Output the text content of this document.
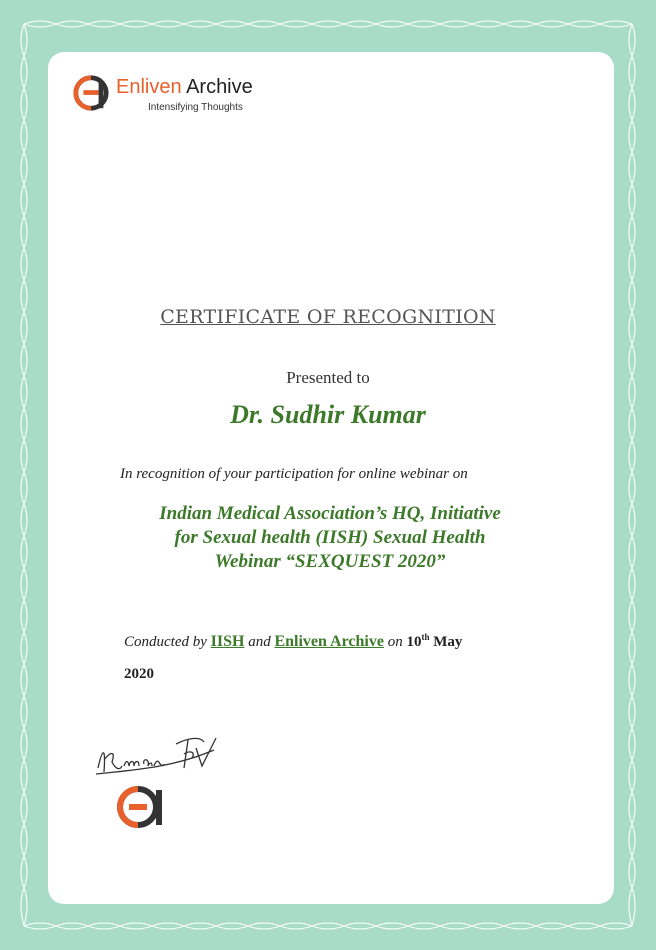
Enliven Archive
Intensifying Thoughts
CERTIFICATE OF RECOGNITION
Presented to
Dr. Sudhir Kumar
In recognition of your participation for online webinar on
Indian Medical Association’s HQ, Initiative
for Sexual health (IISH) Sexual Health
Webinar “SEXQUEST 2020”
Conducted by IISH and Enliven Archive on 10th May
2020
